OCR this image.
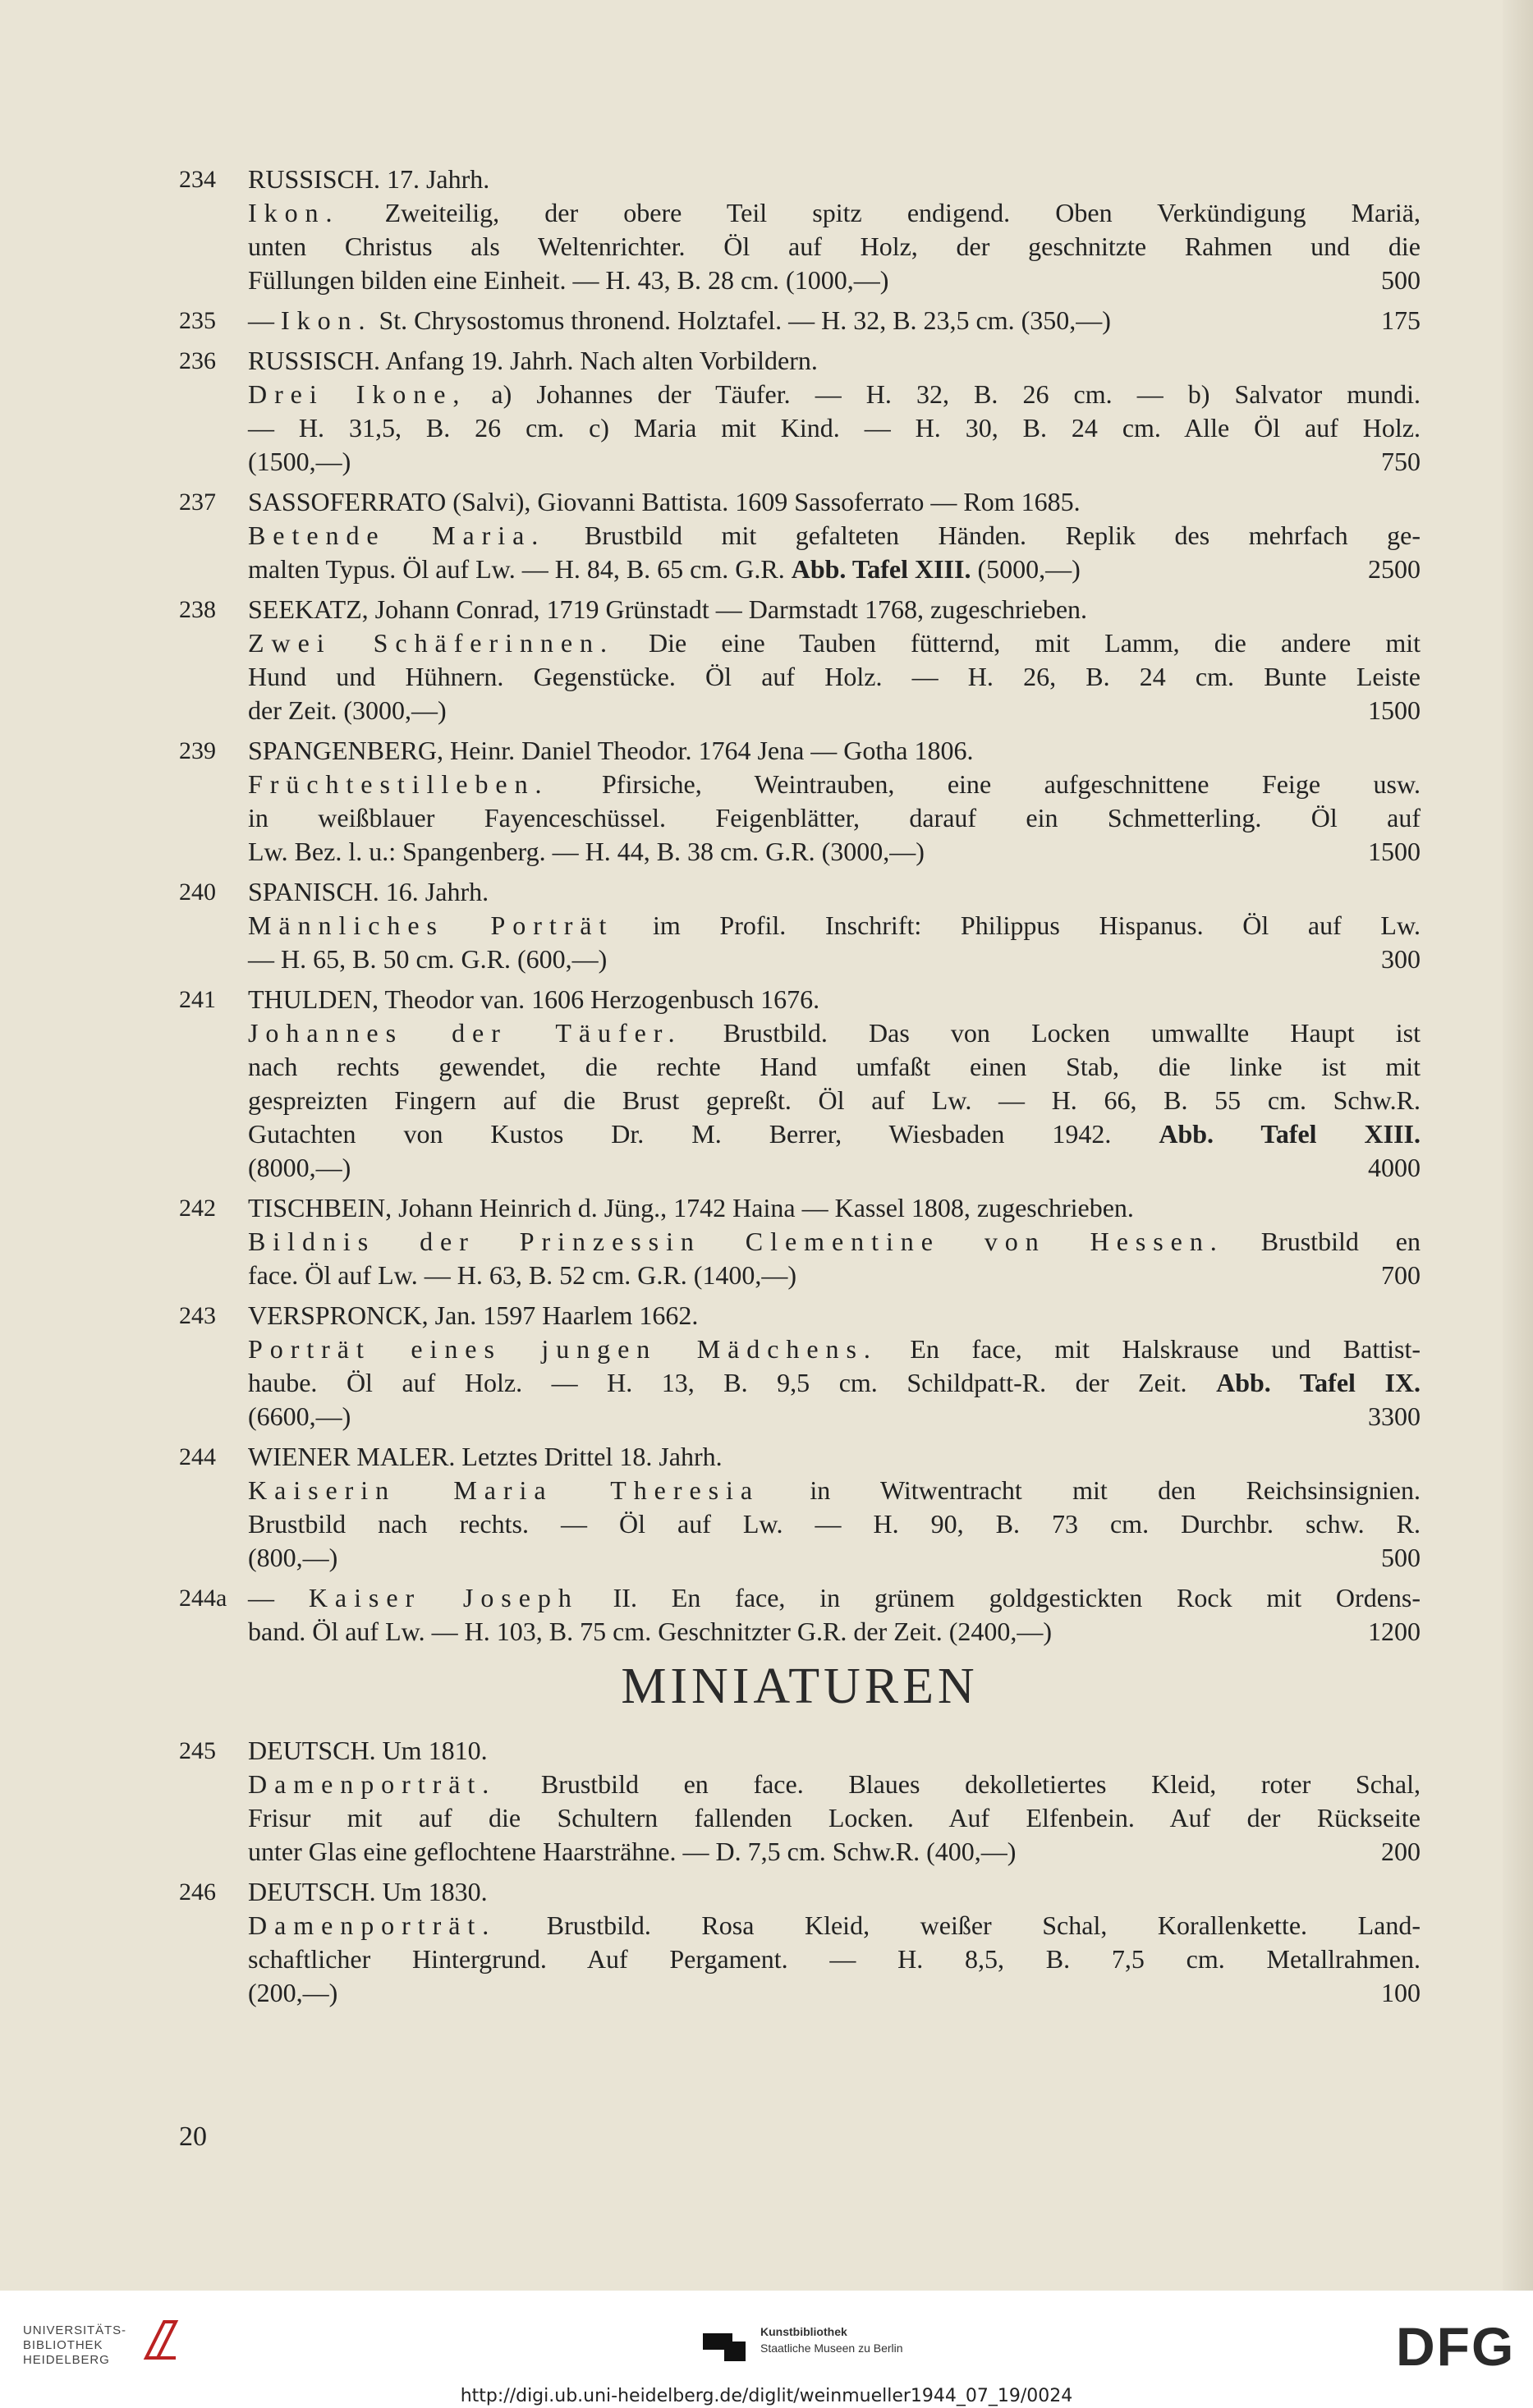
234	RUSSISCH. 17. Jahrh.
Ikon. Zweiteilig, der obere Teil spitz endigend. Oben Verkündigung Mariä,
unten Christus als Weltenrichter. Öl auf Holz, der geschnitzte Rahmen und die
Füllungen bilden eine Einheit. — H. 43, B. 28 cm. (1000,—)	500
235	— Ikon. St. Chrysostomus thronend. Holztafel. — H. 32, B. 23,5 cm. (350,—)	175
236	RUSSISCH. Anfang 19. Jahrh. Nach alten Vorbildern.
Drei Ikone, a) Johannes der Täufer. — H. 32, B. 26 cm. — b) Salvator mundi.
— H. 31,5, B. 26 cm. c) Maria mit Kind. — H. 30, B. 24 cm. Alle Öl auf Holz.
(1500,—)	750
237	SASSOFERRATO (Salvi), Giovanni Battista. 1609 Sassoferrato — Rom 1685.
Betende Maria. Brustbild mit gefalteten Händen. Replik des mehrfach ge-
malten Typus. Öl auf Lw. — H. 84, B. 65 cm. G.R. Abb. Tafel XIII. (5000,—)	2500
238	SEEKATZ, Johann Conrad, 1719 Grünstadt — Darmstadt 1768, zugeschrieben.
Zwei Schäferinnen. Die eine Tauben fütternd, mit Lamm, die andere mit
Hund und Hühnern. Gegenstücke. Öl auf Holz. — H. 26, B. 24 cm. Bunte Leiste
der Zeit. (3000,—)	1500
239	SPANGENBERG, Heinr. Daniel Theodor. 1764 Jena — Gotha 1806.
Früchtestilleben. Pfirsiche, Weintrauben, eine aufgeschnittene Feige usw.
in weißblauer Fayenceschüssel. Feigenblätter, darauf ein Schmetterling. Öl auf
Lw. Bez. l. u.: Spangenberg. — H. 44, B. 38 cm. G.R. (3000,—)	1500
240	SPANISCH. 16. Jahrh.
Männliches Porträt im Profil. Inschrift: Philippus Hispanus. Öl auf Lw.
— H. 65, B. 50 cm. G.R. (600,—)	300
241	THULDEN, Theodor van. 1606 Herzogenbusch 1676.
Johannes der Täufer. Brustbild. Das von Locken umwallte Haupt ist
nach rechts gewendet, die rechte Hand umfaßt einen Stab, die linke ist mit
gespreizten Fingern auf die Brust gepreßt. Öl auf Lw. — H. 66, B. 55 cm. Schw.R.
Gutachten von Kustos Dr. M. Berrer, Wiesbaden 1942. Abb. Tafel XIII.
(8000,—)	4000
242	TISCHBEIN, Johann Heinrich d. Jüng., 1742 Haina — Kassel 1808, zugeschrieben.
Bildnis der Prinzessin Clementine von Hessen. Brustbild en
face. Öl auf Lw. — H. 63, B. 52 cm. G.R. (1400,—)	700
243	VERSPRONCK, Jan. 1597 Haarlem 1662.
Porträt eines jungen Mädchens. En face, mit Halskrause und Battist-
haube. Öl auf Holz. — H. 13, B. 9,5 cm. Schildpatt-R. der Zeit. Abb. Tafel IX.
(6600,—)	3300
244	WIENER MALER. Letztes Drittel 18. Jahrh.
Kaiserin Maria Theresia in Witwentracht mit den Reichsinsignien.
Brustbild nach rechts. — Öl auf Lw. — H. 90, B. 73 cm. Durchbr. schw. R.
(800,—)	500
244a — Kaiser Joseph II. En face, in grünem goldgestickten Rock mit Ordens-
band. Öl auf Lw. — H. 103, B. 75 cm. Geschnitzter G.R. der Zeit. (2400,—)	1200
MINIATUREN
245	DEUTSCH. Um 1810.
Damenporträt. Brustbild en face. Blaues dekolletiertes Kleid, roter Schal,
Frisur mit auf die Schultern fallenden Locken. Auf Elfenbein. Auf der Rückseite
unter Glas eine geflochtene Haarsträhne. — D. 7,5 cm. Schw.R. (400,—)	200
246	DEUTSCH. Um 1830.
Damenporträt. Brustbild. Rosa Kleid, weißer Schal, Korallenkette. Land-
schaftlicher Hintergrund. Auf Pergament. — H. 8,5, B. 7,5 cm. Metallrahmen.
(200,—)	100
20
UNIVERSITÄTS-
BIBLIOTHEK
HEIDELBERG
Kunstbibliothek
Staatliche Museen zu Berlin	DFG
http://digi.ub.uni-heidelberg.de/diglit/weinmueller1944_07_19/0024
